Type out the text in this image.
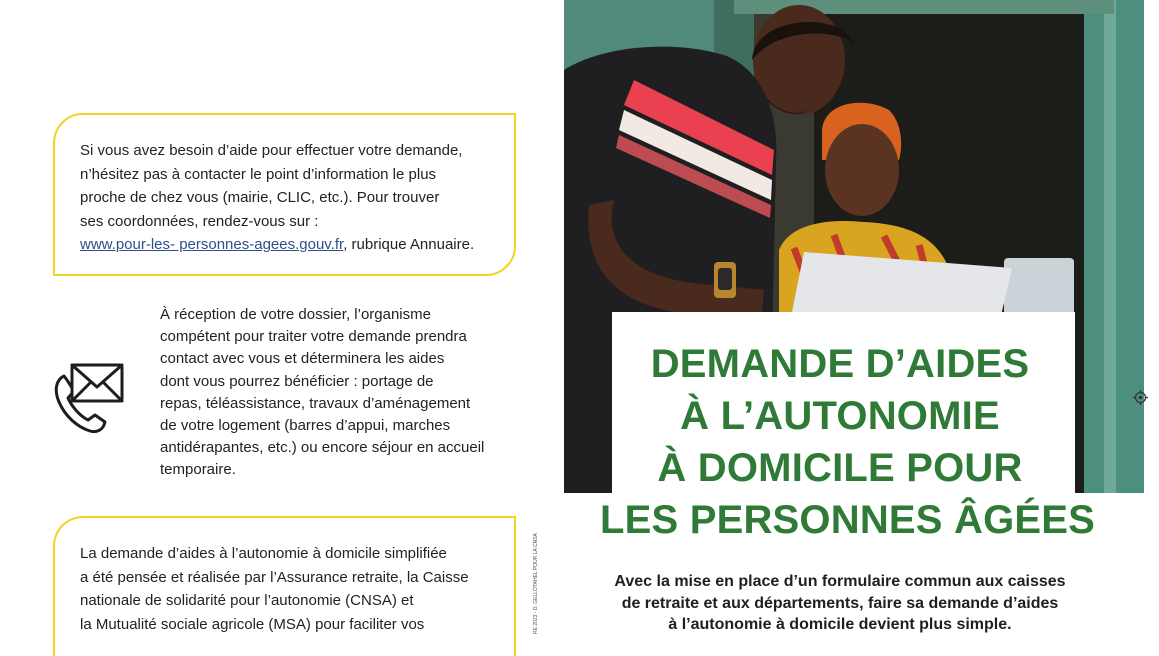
Si vous avez besoin d’aide pour effectuer votre demande,

n’hésitez pas à contacter le point d’information le plus

proche de chez vous (mairie, CLIC, etc.). Pour trouver

ses coordonnées, rendez-vous sur :

www.pour-les- personnes-agees.gouv.fr, rubrique Annuaire.

À réception de votre dossier, l’organisme
compétent pour traiter votre demande prendra
contact avec vous et déterminera les aides
dont vous pourrez bénéficier : portage de
repas, téléassistance, travaux d’aménagement
de votre logement (barres d’appui, marches
antidérapantes, etc.) ou encore séjour en accueil
temporaire.

La demande d’aides à l’autonomie à domicile simplifiée

a été pensée et réalisée par l’Assurance retraite, la Caisse

nationale de solidarité pour l’autonomie (CNSA) et

la Mutualité sociale agricole (MSA) pour faciliter vos	RE 2023 - D. GELLOTAHEL POUR LA CNSA
DEMANDE D’AIDES
À L’AUTONOMIE
À DOMICILE POUR
LES PERSONNES ÂGÉES
Avec la mise en place d’un formulaire commun aux caisses
de retraite et aux départements, faire sa demande d’aides
à l’autonomie à domicile devient plus simple.
